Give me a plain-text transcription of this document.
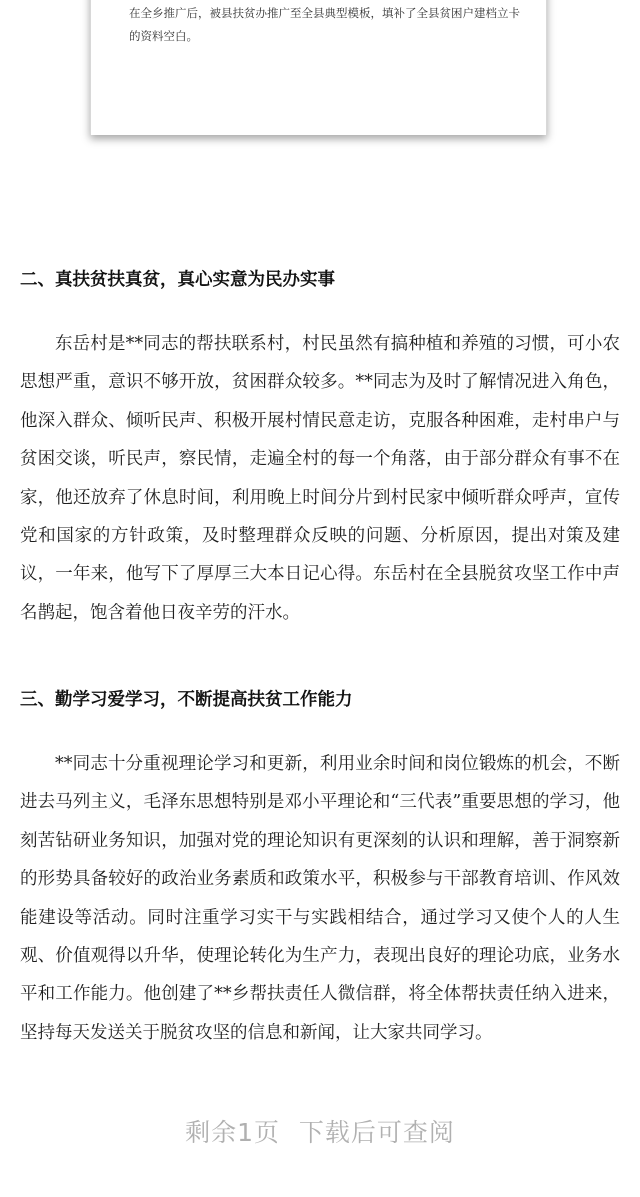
在全乡推广后，被县扶贫办推广至全县典型模板，填补了全县贫困户建档立卡的资料空白。
二、真扶贫扶真贫，真心实意为民办实事
东岳村是**同志的帮扶联系村，村民虽然有搞种植和养殖的习惯，可小农思想严重，意识不够开放，贫困群众较多。**同志为及时了解情况进入角色，他深入群众、倾听民声、积极开展村情民意走访，克服各种困难，走村串户与贫困交谈，听民声，察民情，走遍全村的每一个角落，由于部分群众有事不在家，他还放弃了休息时间，利用晚上时间分片到村民家中倾听群众呼声，宣传党和国家的方针政策，及时整理群众反映的问题、分析原因，提出对策及建议，一年来，他写下了厚厚三大本日记心得。东岳村在全县脱贫攻坚工作中声名鹊起，饱含着他日夜辛劳的汗水。
三、勤学习爱学习，不断提高扶贫工作能力
**同志十分重视理论学习和更新，利用业余时间和岗位锻炼的机会，不断进去马列主义，毛泽东思想特别是邓小平理论和“三代表”重要思想的学习，他刻苦钻研业务知识，加强对党的理论知识有更深刻的认识和理解，善于洞察新的形势具备较好的政治业务素质和政策水平，积极参与干部教育培训、作风效能建设等活动。同时注重学习实干与实践相结合，通过学习又使个人的人生观、价值观得以升华，使理论转化为生产力，表现出良好的理论功底，业务水平和工作能力。他创建了**乡帮扶责任人微信群，将全体帮扶责任纳入进来，坚持每天发送关于脱贫攻坚的信息和新闻，让大家共同学习。
剩余1页 下载后可查阅
